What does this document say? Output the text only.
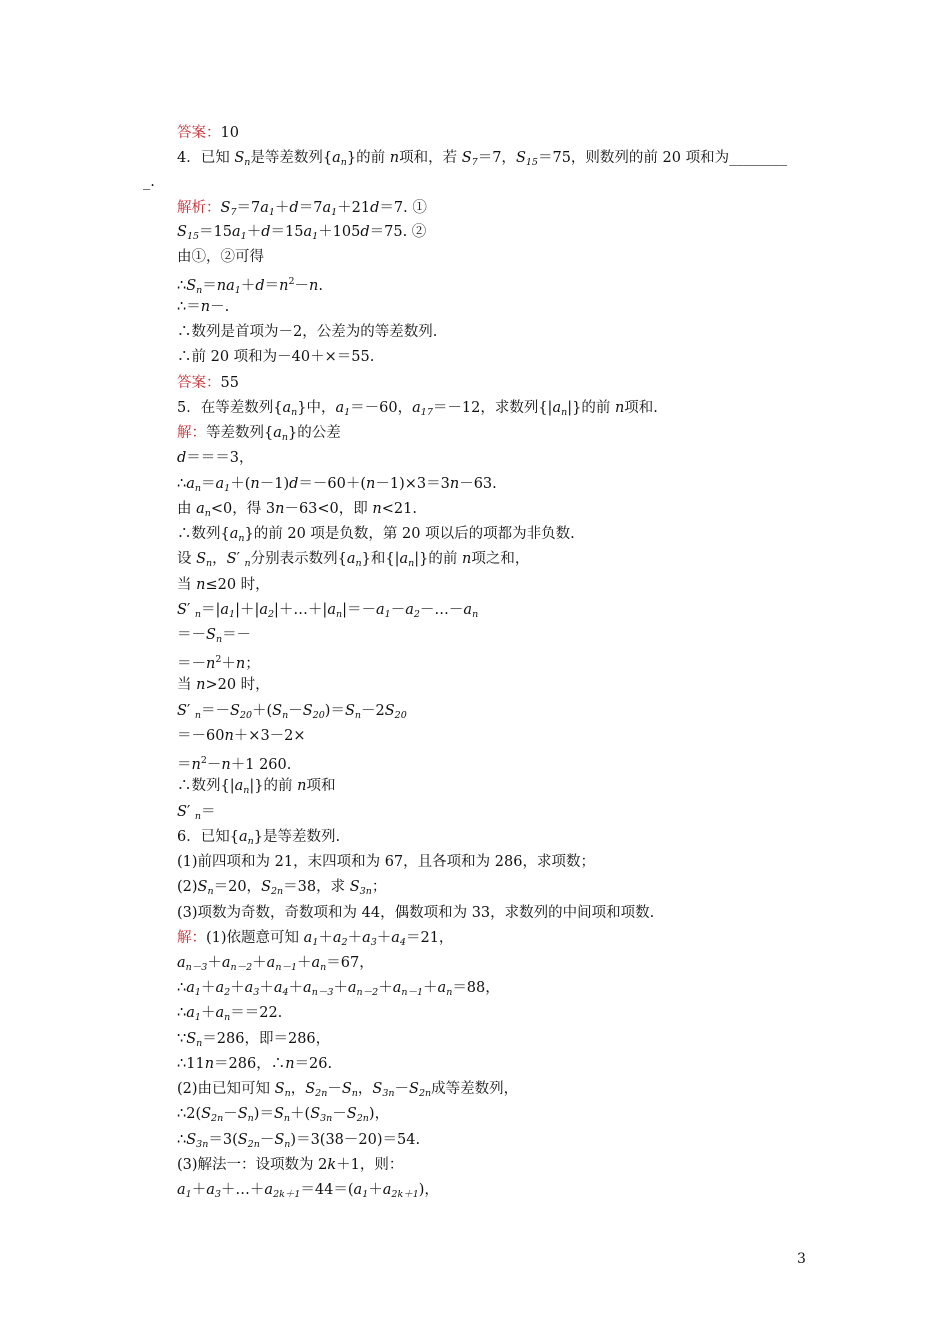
答案：10
4．已知 $S_n$是等差数列$\{a_n\}$的前 n项和，若 $S_7=7$，$S_{15}=75$，则数列的前 20 项和为________
_.
解析：$S_7=7a_1+d=7a_1+21d=7$. ①
$S_{15}=15a_1+d=15a_1+105d=75$. ②
由①，②可得
$\therefore S_n=na_1+d=n^2-n$.
∴＝n－.
∴数列是首项为－2，公差为的等差数列.
∴前 20 项和为－40＋×＝55.
答案：55
5．在等差数列$\{a_n\}$中，$a_1=-60$，$a_{17}=-12$，求数列$\{|a_n|\}$的前 n项和.
解：等差数列$\{a_n\}$的公差
d＝＝＝3，
$\therefore a_n=a_1+(n-1)d=-60+(n-1)\times 3=3n-63$.
由 $a_n<0$，得 3n－63<0，即 n<21.
∴数列$\{a_n\}$的前 20 项是负数，第 20 项以后的项都为非负数.
设 $S_n$，S′ $_n$分别表示数列$\{a_n\}$和$\{|a_n|\}$的前 n项之和，
当 n≤20 时，
S′ $_n=|a_1|+|a_2|+\dots+|a_n|=-a_1-a_2-\dots-a_n$
$=-S_n=-$
$=-n^2+n$；
当 n>20 时，
S′ $_n=-S_{20}+(S_n-S_{20})=S_n-2S_{20}$
＝－60n＋×3－2×
$=n^2-n+1$ 260.
∴数列$\{|a_n|\}$的前 n项和
S′ $_n$＝
6．已知$\{a_n\}$是等差数列.
(1)前四项和为 21，末四项和为 67，且各项和为 286，求项数；
$(2)S_n=20$，$S_{2n}=38$，求 $S_{3n}$；
(3)项数为奇数，奇数项和为 44，偶数项和为 33，求数列的中间项和项数.
解：(1)依题意可知 $a_1+a_2+a_3+a_4=21$，
$a_{n-3}+a_{n-2}+a_{n-1}+a_n=67$，
$\therefore a_1+a_2+a_3+a_4+a_{n-3}+a_{n-2}+a_{n-1}+a_n=88$，
$\therefore a_1+a_n==22$.
$\because S_n=286$，即＝286，
∴11n＝286，∴n＝26.
(2)由已知可知 $S_n$，$S_{2n}-S_n$，$S_{3n}-S_{2n}$成等差数列，
$\therefore 2(S_{2n}-S_n)=S_n+(S_{3n}-S_{2n})$，
$\therefore S_{3n}=3(S_{2n}-S_n)=3(38-20)=54$.
(3)解法一：设项数为 2k＋1，则：
$a_1+a_3+\dots+a_{2k+1}=44=(a_1+a_{2k+1})$，
3
